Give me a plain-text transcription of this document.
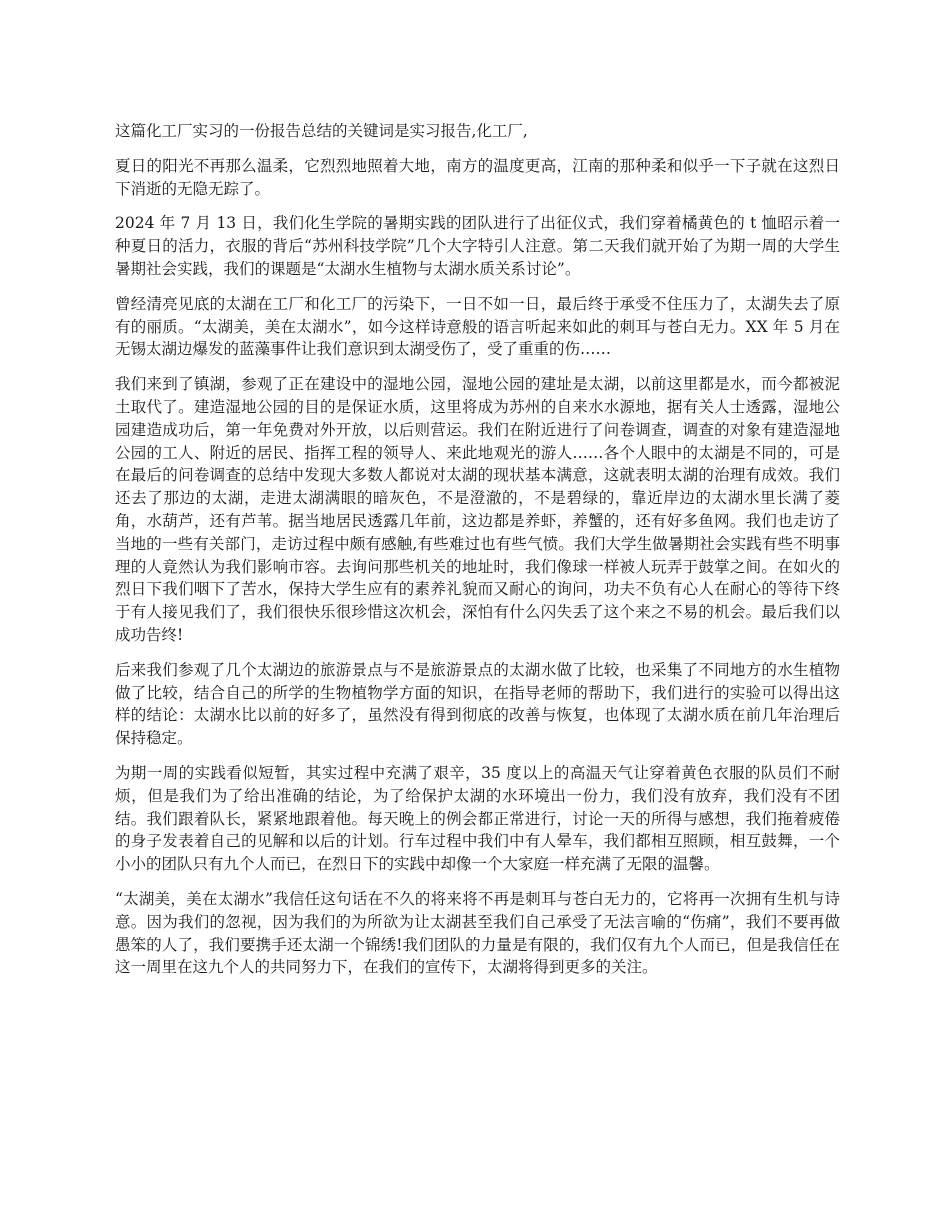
这篇化工厂实习的一份报告总结的关键词是实习报告,化工厂,

夏日的阳光不再那么温柔，它烈烈地照着大地，南方的温度更高，江南的那种柔和似乎一下子就在这烈日下消逝的无隐无踪了。

2024 年 7 月 13 日，我们化生学院的暑期实践的团队进行了出征仪式，我们穿着橘黄色的 t 恤昭示着一种夏日的活力，衣服的背后“苏州科技学院”几个大字特引人注意。第二天我们就开始了为期一周的大学生暑期社会实践，我们的课题是“太湖水生植物与太湖水质关系讨论”。

曾经清亮见底的太湖在工厂和化工厂的污染下，一日不如一日，最后终于承受不住压力了，太湖失去了原有的丽质。“太湖美，美在太湖水”，如今这样诗意般的语言听起来如此的刺耳与苍白无力。XX 年 5 月在无锡太湖边爆发的蓝藻事件让我们意识到太湖受伤了，受了重重的伤……

我们来到了镇湖，参观了正在建设中的湿地公园，湿地公园的建址是太湖，以前这里都是水，而今都被泥土取代了。建造湿地公园的目的是保证水质，这里将成为苏州的自来水水源地，据有关人士透露，湿地公园建造成功后，第一年免费对外开放，以后则营运。我们在附近进行了问卷调查，调查的对象有建造湿地公园的工人、附近的居民、指挥工程的领导人、来此地观光的游人……各个人眼中的太湖是不同的，可是在最后的问卷调查的总结中发现大多数人都说对太湖的现状基本满意，这就表明太湖的治理有成效。我们还去了那边的太湖，走进太湖满眼的暗灰色，不是澄澈的，不是碧绿的，靠近岸边的太湖水里长满了菱角，水葫芦，还有芦苇。据当地居民透露几年前，这边都是养虾，养蟹的，还有好多鱼网。我们也走访了当地的一些有关部门，走访过程中颇有感触,有些难过也有些气愤。我们大学生做暑期社会实践有些不明事理的人竟然认为我们影响市容。去询问那些机关的地址时，我们像球一样被人玩弄于鼓掌之间。在如火的烈日下我们咽下了苦水，保持大学生应有的素养礼貌而又耐心的询问，功夫不负有心人在耐心的等待下终于有人接见我们了，我们很快乐很珍惜这次机会，深怕有什么闪失丢了这个来之不易的机会。最后我们以成功告终!

后来我们参观了几个太湖边的旅游景点与不是旅游景点的太湖水做了比较，也采集了不同地方的水生植物做了比较，结合自己的所学的生物植物学方面的知识，在指导老师的帮助下，我们进行的实验可以得出这样的结论：太湖水比以前的好多了，虽然没有得到彻底的改善与恢复，也体现了太湖水质在前几年治理后保持稳定。

为期一周的实践看似短暂，其实过程中充满了艰辛，35 度以上的高温天气让穿着黄色衣服的队员们不耐烦，但是我们为了给出准确的结论，为了给保护太湖的水环境出一份力，我们没有放弃，我们没有不团结。我们跟着队长，紧紧地跟着他。每天晚上的例会都正常进行，讨论一天的所得与感想，我们拖着疲倦的身子发表着自己的见解和以后的计划。行车过程中我们中有人晕车，我们都相互照顾，相互鼓舞，一个小小的团队只有九个人而已，在烈日下的实践中却像一个大家庭一样充满了无限的温馨。

“太湖美，美在太湖水”我信任这句话在不久的将来将不再是刺耳与苍白无力的，它将再一次拥有生机与诗意。因为我们的忽视，因为我们的为所欲为让太湖甚至我们自己承受了无法言喻的“伤痛”，我们不要再做愚笨的人了，我们要携手还太湖一个锦绣!我们团队的力量是有限的，我们仅有九个人而已，但是我信任在这一周里在这九个人的共同努力下，在我们的宣传下，太湖将得到更多的关注。
